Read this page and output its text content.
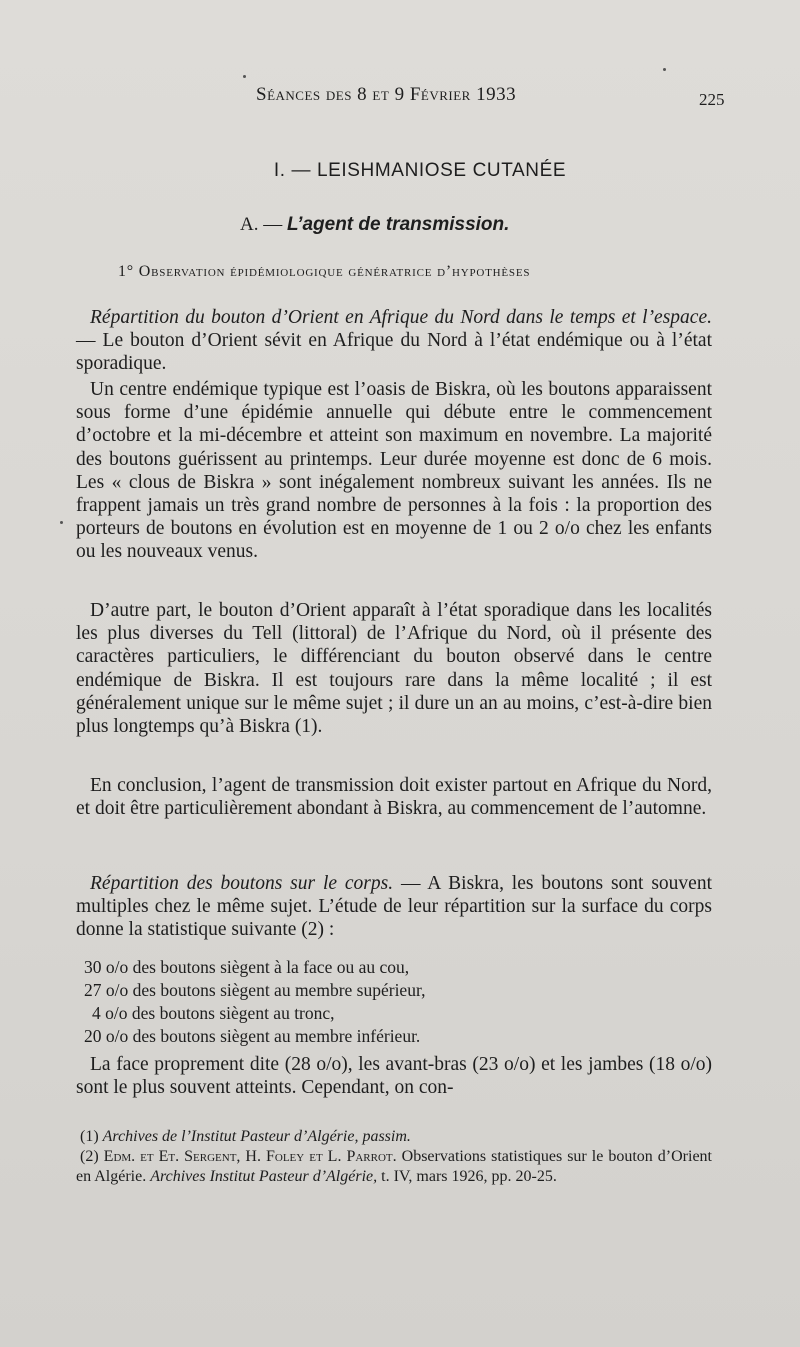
Séances des 8 et 9 Février 1933	225
I. — LEISHMANIOSE CUTANÉE
A. — L’agent de transmission.
1° Observation épidémiologique génératrice d’hypothèses

Répartition du bouton d’Orient en Afrique du Nord dans le temps et l’espace. — Le bouton d’Orient sévit en Afrique du Nord à l’état endémique ou à l’état sporadique.

Un centre endémique typique est l’oasis de Biskra, où les boutons apparaissent sous forme d’une épidémie annuelle qui débute entre le commencement d’octobre et la mi-décembre et atteint son maximum en novembre. La majorité des boutons guérissent au printemps. Leur durée moyenne est donc de 6 mois. Les « clous de Biskra » sont inégalement nombreux suivant les années. Ils ne frappent jamais un très grand nombre de personnes à la fois : la proportion des porteurs de boutons en évolution est en moyenne de 1 ou 2 o/o chez les enfants ou les nouveaux venus.

D’autre part, le bouton d’Orient apparaît à l’état sporadique dans les localités les plus diverses du Tell (littoral) de l’Afrique du Nord, où il présente des caractères particuliers, le différenciant du bouton observé dans le centre endémique de Biskra. Il est toujours rare dans la même localité ; il est généralement unique sur le même sujet ; il dure un an au moins, c’est-à-dire bien plus longtemps qu’à Biskra (1).

En conclusion, l’agent de transmission doit exister partout en Afrique du Nord, et doit être particulièrement abondant à Biskra, au commencement de l’automne.

Répartition des boutons sur le corps. — A Biskra, les boutons sont souvent multiples chez le même sujet. L’étude de leur répartition sur la surface du corps donne la statistique suivante (2) :

30 o/o des boutons siègent à la face ou au cou,
27 o/o des boutons siègent au membre supérieur,
4 o/o des boutons siègent au tronc,
20 o/o des boutons siègent au membre inférieur.

La face proprement dite (28 o/o), les avant-bras (23 o/o) et les jambes (18 o/o) sont le plus souvent atteints. Cependant, on con-

(1) Archives de l’Institut Pasteur d’Algérie, passim.

(2) Edm. et Et. Sergent, H. Foley et L. Parrot. Observations statistiques sur le bouton d’Orient en Algérie. Archives Institut Pasteur d’Algérie, t. IV, mars 1926, pp. 20-25.
